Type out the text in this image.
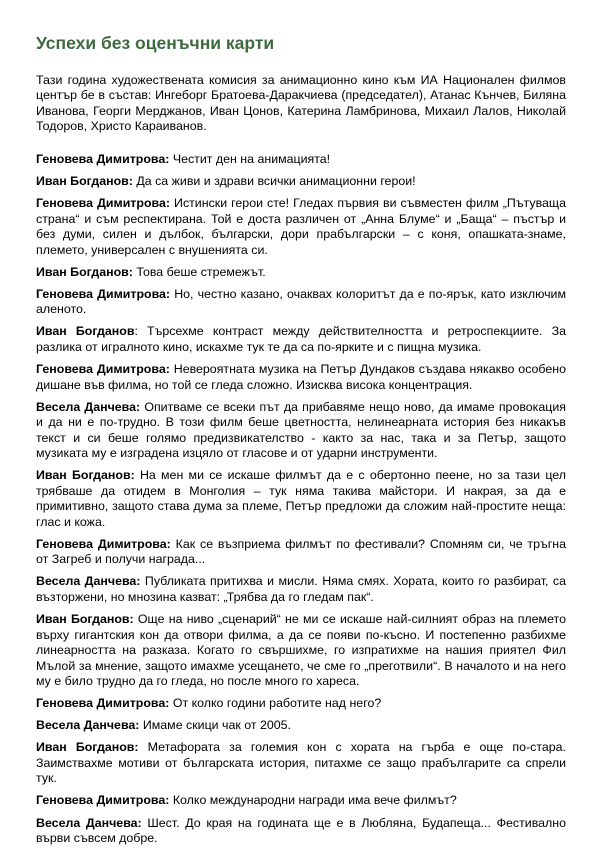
Успехи без оценъчни карти

Тази година художествената комисия за анимационно кино към ИА Национален филмов център бе в състав: Ингеборг Братоева-Даракчиева (председател), Атанас Кънчев, Биляна Иванова, Георги Мерджанов, Иван Цонов, Катерина Ламбринова, Михаил Лалов, Николай Тодоров, Христо Караиванов.

Геновева Димитрова: Честит ден на анимацията!

Иван Богданов: Да са живи и здрави всички анимационни герои!

Геновева Димитрова: Истински герои сте! Гледах първия ви съвместен филм „Пътуваща страна“ и съм респектирана. Той е доста различен от „Анна Блуме“ и „Баща“ – пъстър и без думи, силен и дълбок, български, дори прабългарски – с коня, опашката-знаме, племето, универсален с внушенията си.

Иван Богданов: Това беше стремежът.

Геновева Димитрова: Но, честно казано, очаквах колоритът да е по-ярък, като изключим аленото.

Иван Богданов: Търсехме контраст между действителността и ретроспекциите. За разлика от игралното кино, искахме тук те да са по-ярките и с пищна музика.

Геновева Димитрова: Невероятната музика на Петър Дундаков създава някакво особено дишане във филма, но той се гледа сложно. Изисква висока концентрация.

Весела Данчева: Опитваме се всеки път да прибавяме нещо ново, да имаме провокация и да ни е по-трудно. В този филм беше цветността, нелинеарната история без никакъв текст и си беше голямо предизвикателство - както за нас, така и за Петър, защото музиката му е изградена изцяло от гласове и от ударни инструменти.

Иван Богданов: На мен ми се искаше филмът да е с обертонно пеене, но за тази цел трябваше да отидем в Монголия – тук няма такива майстори. И накрая, за да е примитивно, защото става дума за племе, Петър предложи да сложим най-простите неща: глас и кожа.

Геновева Димитрова: Как се възприема филмът по фестивали? Спомням си, че тръгна от Загреб и получи награда...

Весела Данчева: Публиката притихва и мисли. Няма смях. Хората, които го разбират, са възторжени, но мнозина казват: „Трябва да го гледам пак“.

Иван Богданов: Още на ниво „сценарий“ не ми се искаше най-силният образ на племето върху гигантския кон да отвори филма, а да се появи по-късно. И постепенно разбихме линеарността на разказа. Когато го свършихме, го изпратихме на нашия приятел Фил Мълой за мнение, защото имахме усещането, че сме го „преготвили“. В началото и на него му е било трудно да го гледа, но после много го хареса.

Геновева Димитрова: От колко години работите над него?

Весела Данчева: Имаме скици чак от 2005.

Иван Богданов: Метафората за големия кон с хората на гърба е още по-стара. Заимствахме мотиви от българската история, питахме се защо прабългарите са спрели тук.

Геновева Димитрова: Колко международни награди има вече филмът?

Весела Данчева: Шест. До края на годината ще е в Любляна, Будапеща... Фестивално върви съвсем добре.
